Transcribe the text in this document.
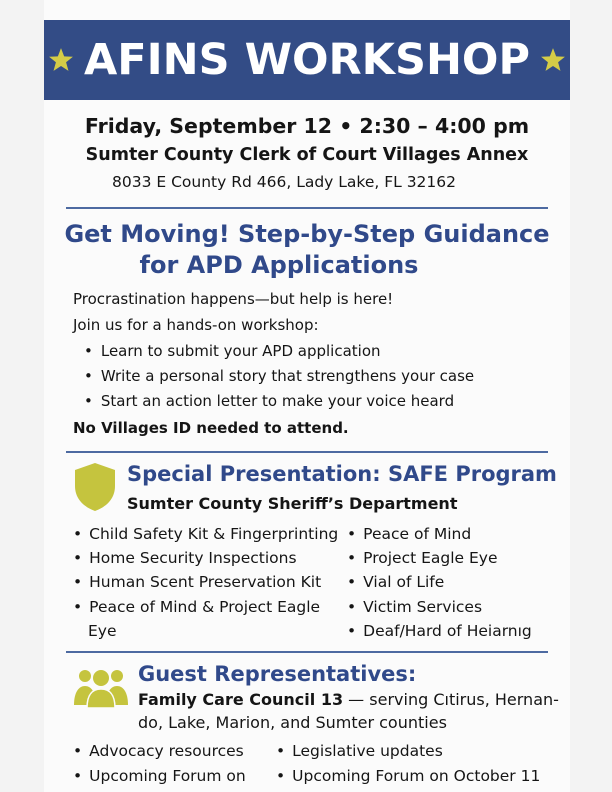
AFINS WORKSHOP
Friday, September 12 • 2:30 – 4:00 pm
Sumter County Clerk of Court Villages Annex
8033 E County Rd 466, Lady Lake, FL 32162
Get Moving! Step-by-Step Guidance
for APD Applications
Procrastination happens—but help is here!
Join us for a hands-on workshop:
• Learn to submit your APD application
• Write a personal story that strengthens your case
• Start an action letter to make your voice heard
No Villages ID needed to attend.
Special Presentation: SAFE Program
Sumter County Sheriff’s Department
• Child Safety Kit & Fingerprinting
• Home Security Inspections
• Human Scent Preservation Kit
• Peace of Mind & Project Eagle
Eye
• Peace of Mind
• Project Eagle Eye
• Vial of Life
• Victim Services
• Deaf/Hard of Heiarnıg
Guest Representatives:
Family Care Council 13 — serving Cıtirus, Hernan-
do, Lake, Marion, and Sumter counties
• Advocacy resources
• Upcoming Forum on
• Legislative updates
• Upcoming Forum on October 11
